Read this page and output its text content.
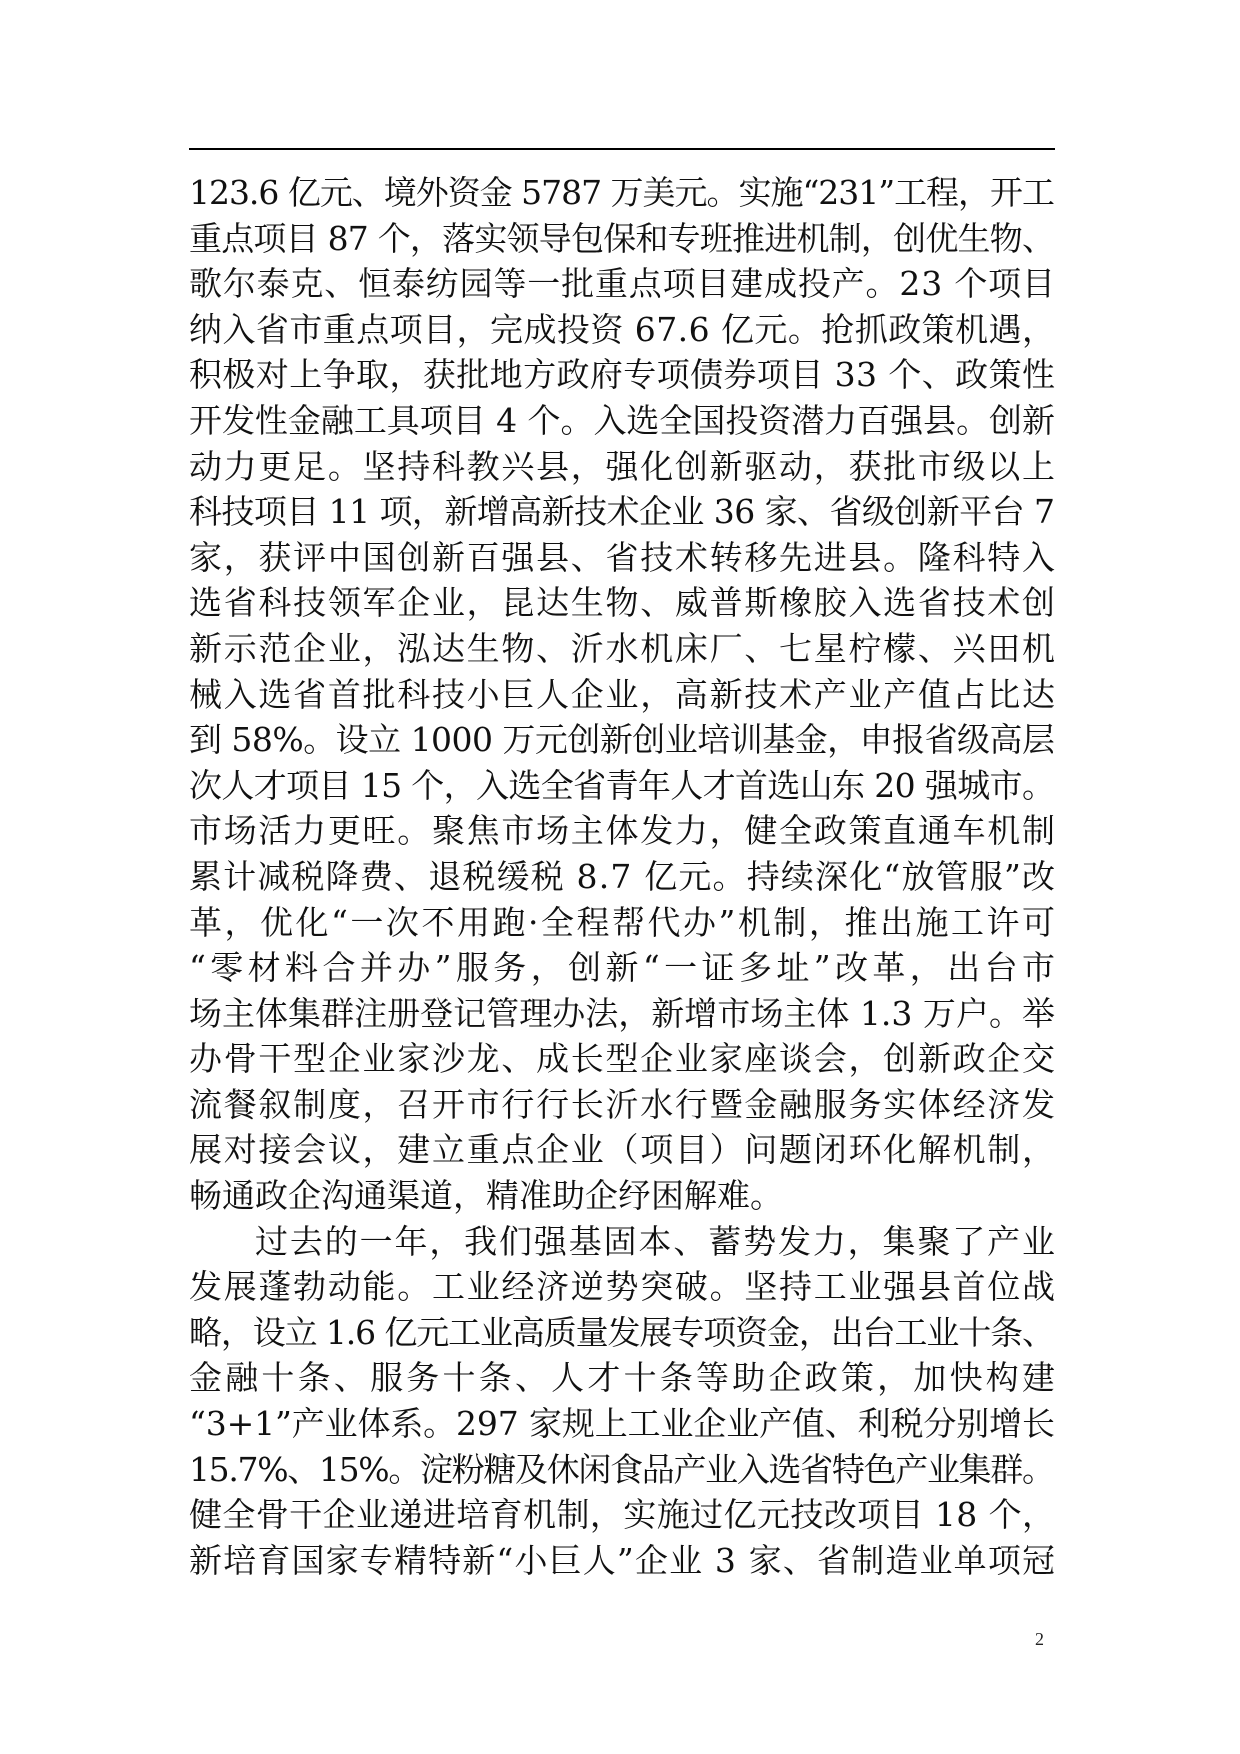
123.6 亿元、境外资金 5787 万美元。实施“231”工程，开工
重点项目 87 个，落实领导包保和专班推进机制，创优生物、
歌尔泰克、恒泰纺园等一批重点项目建成投产。23 个项目
纳入省市重点项目，完成投资 67.6 亿元。抢抓政策机遇，
积极对上争取，获批地方政府专项债券项目 33 个、政策性
开发性金融工具项目 4 个。入选全国投资潜力百强县。创新
动力更足。坚持科教兴县，强化创新驱动，获批市级以上
科技项目 11 项，新增高新技术企业 36 家、省级创新平台 7
家，获评中国创新百强县、省技术转移先进县。隆科特入
选省科技领军企业，昆达生物、威普斯橡胶入选省技术创
新示范企业，泓达生物、沂水机床厂、七星柠檬、兴田机
械入选省首批科技小巨人企业，高新技术产业产值占比达
到 58%。设立 1000 万元创新创业培训基金，申报省级高层
次人才项目 15 个，入选全省青年人才首选山东 20 强城市。
市场活力更旺。聚焦市场主体发力，健全政策直通车机制
累计减税降费、退税缓税 8.7 亿元。持续深化“放管服”改
革，优化“一次不用跑·全程帮代办”机制，推出施工许可
“零材料合并办”服务，创新“一证多址”改革，出台市
场主体集群注册登记管理办法，新增市场主体 1.3 万户。举
办骨干型企业家沙龙、成长型企业家座谈会，创新政企交
流餐叙制度，召开市行行长沂水行暨金融服务实体经济发
展对接会议，建立重点企业（项目）问题闭环化解机制，
畅通政企沟通渠道，精准助企纾困解难。
过去的一年，我们强基固本、蓄势发力，集聚了产业
发展蓬勃动能。工业经济逆势突破。坚持工业强县首位战
略，设立 1.6 亿元工业高质量发展专项资金，出台工业十条、
金融十条、服务十条、人才十条等助企政策，加快构建
“3+1”产业体系。297 家规上工业企业产值、利税分别增长
15.7%、15%。淀粉糖及休闲食品产业入选省特色产业集群。
健全骨干企业递进培育机制，实施过亿元技改项目 18 个，
新培育国家专精特新“小巨人”企业 3 家、省制造业单项冠
2
